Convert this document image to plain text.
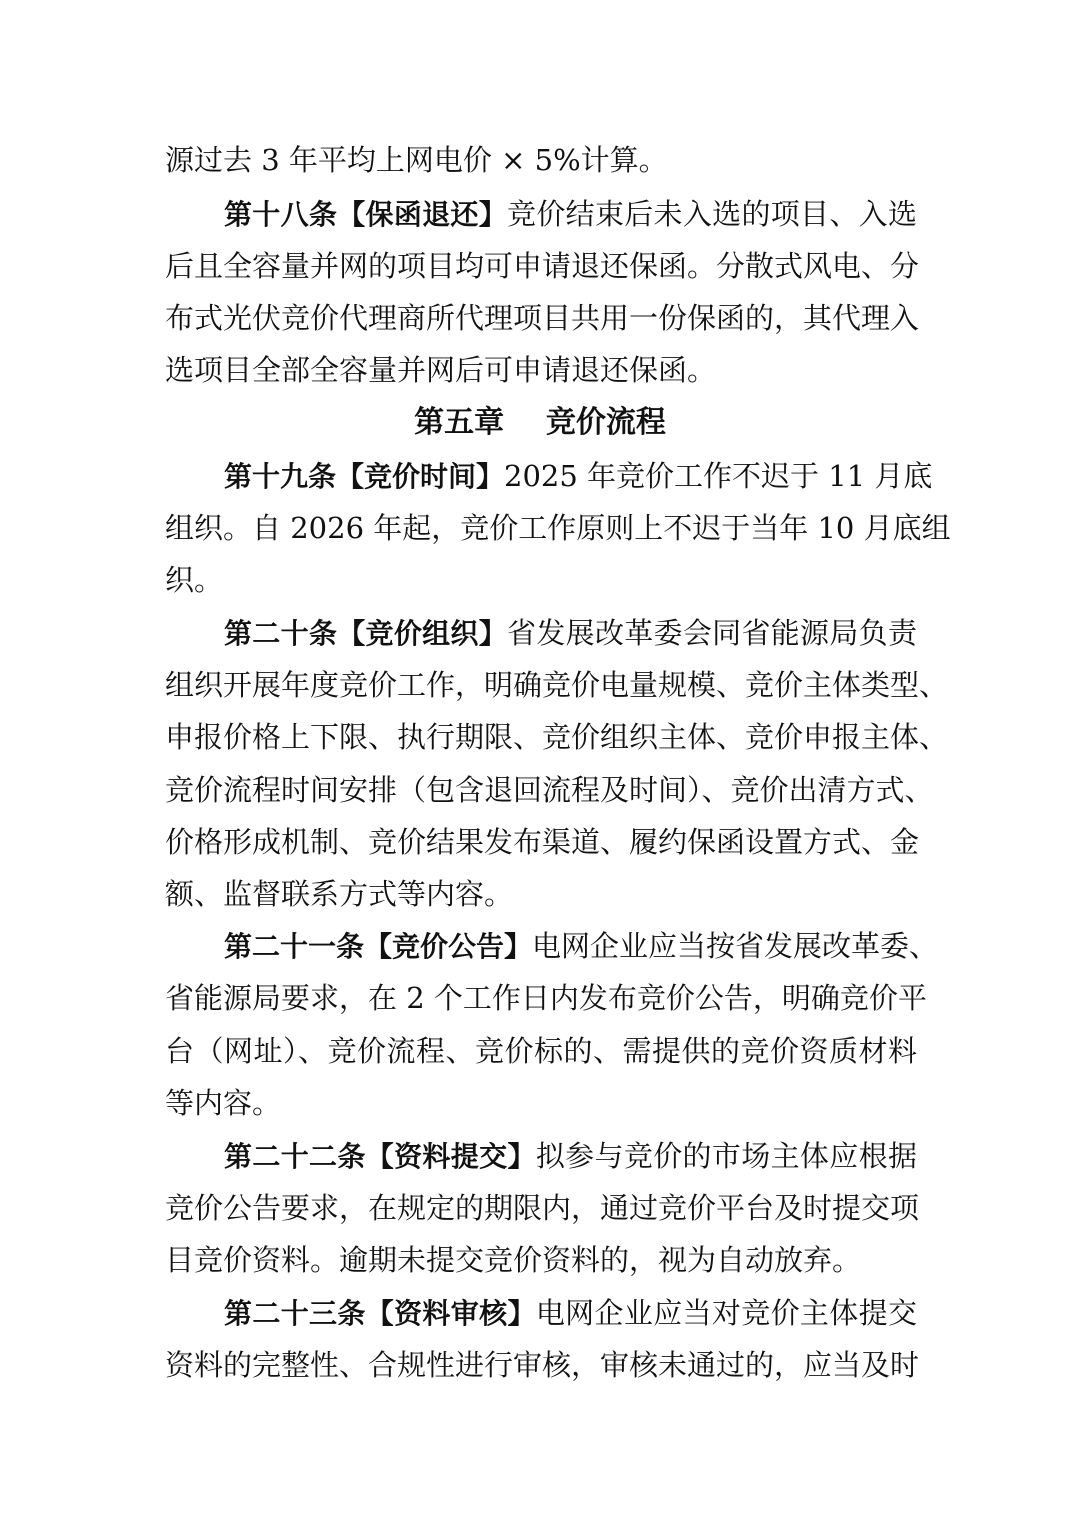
源过去 3 年平均上网电价 × 5%计算。
第十八条【保函退还】竞价结束后未入选的项目、入选
后且全容量并网的项目均可申请退还保函。分散式风电、分
布式光伏竞价代理商所代理项目共用一份保函的，其代理入
选项目全部全容量并网后可申请退还保函。
第五章 竞价流程
第十九条【竞价时间】2025 年竞价工作不迟于 11 月底
组织。自 2026 年起，竞价工作原则上不迟于当年 10 月底组
织。
第二十条【竞价组织】省发展改革委会同省能源局负责
组织开展年度竞价工作，明确竞价电量规模、竞价主体类型、
申报价格上下限、执行期限、竞价组织主体、竞价申报主体、
竞价流程时间安排（包含退回流程及时间）、竞价出清方式、
价格形成机制、竞价结果发布渠道、履约保函设置方式、金
额、监督联系方式等内容。
第二十一条【竞价公告】电网企业应当按省发展改革委、
省能源局要求，在 2 个工作日内发布竞价公告，明确竞价平
台（网址）、竞价流程、竞价标的、需提供的竞价资质材料
等内容。
第二十二条【资料提交】拟参与竞价的市场主体应根据
竞价公告要求，在规定的期限内，通过竞价平台及时提交项
目竞价资料。逾期未提交竞价资料的，视为自动放弃。
第二十三条【资料审核】电网企业应当对竞价主体提交
资料的完整性、合规性进行审核，审核未通过的，应当及时
